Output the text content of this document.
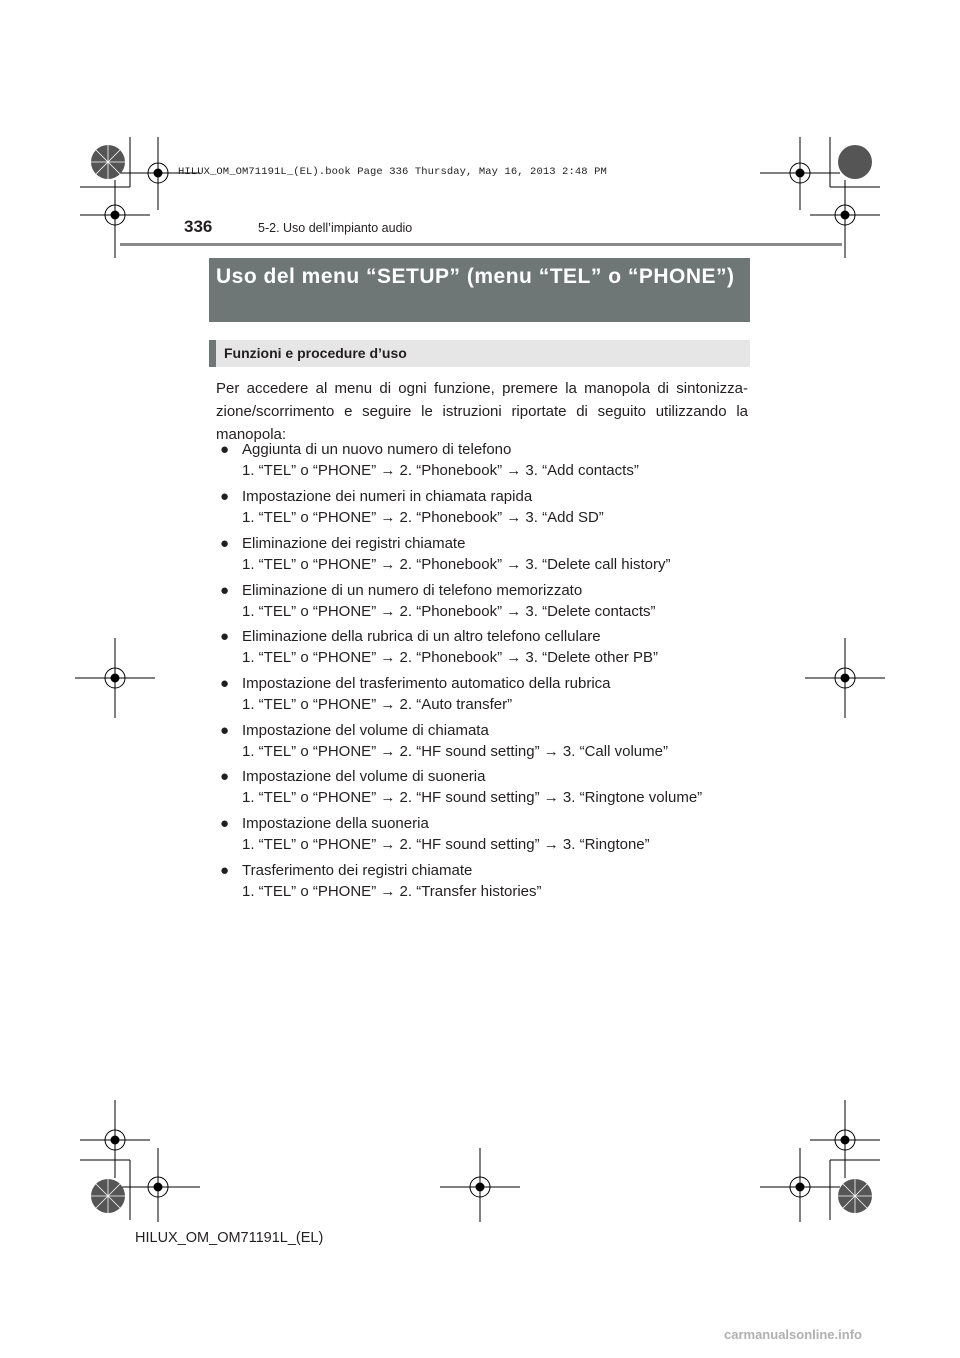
HILUX_OM_OM71191L_(EL).book Page 336 Thursday, May 16, 2013 2:48 PM
336	5-2. Uso dell’impianto audio
Uso del menu “SETUP” (menu “TEL” o “PHONE”)
Funzioni e procedure d’uso

Per accedere al menu di ogni funzione, premere la manopola di sintonizza-zione/scorrimento e seguire le istruzioni riportate di seguito utilizzando la manopola:

● Aggiunta di un nuovo numero di telefono
1. “TEL” o “PHONE” → 2. “Phonebook” → 3. “Add contacts”
● Impostazione dei numeri in chiamata rapida
1. “TEL” o “PHONE” → 2. “Phonebook” → 3. “Add SD”
● Eliminazione dei registri chiamate
1. “TEL” o “PHONE” → 2. “Phonebook” → 3. “Delete call history”
● Eliminazione di un numero di telefono memorizzato
1. “TEL” o “PHONE” → 2. “Phonebook” → 3. “Delete contacts”
● Eliminazione della rubrica di un altro telefono cellulare
1. “TEL” o “PHONE” → 2. “Phonebook” → 3. “Delete other PB”
● Impostazione del trasferimento automatico della rubrica
1. “TEL” o “PHONE” → 2. “Auto transfer”
● Impostazione del volume di chiamata
1. “TEL” o “PHONE” → 2. “HF sound setting” → 3. “Call volume”
● Impostazione del volume di suoneria
1. “TEL” o “PHONE” → 2. “HF sound setting” → 3. “Ringtone volume”
● Impostazione della suoneria
1. “TEL” o “PHONE” → 2. “HF sound setting” → 3. “Ringtone”
● Trasferimento dei registri chiamate
1. “TEL” o “PHONE” → 2. “Transfer histories”
HILUX_OM_OM71191L_(EL)
carmanualsonline.info
